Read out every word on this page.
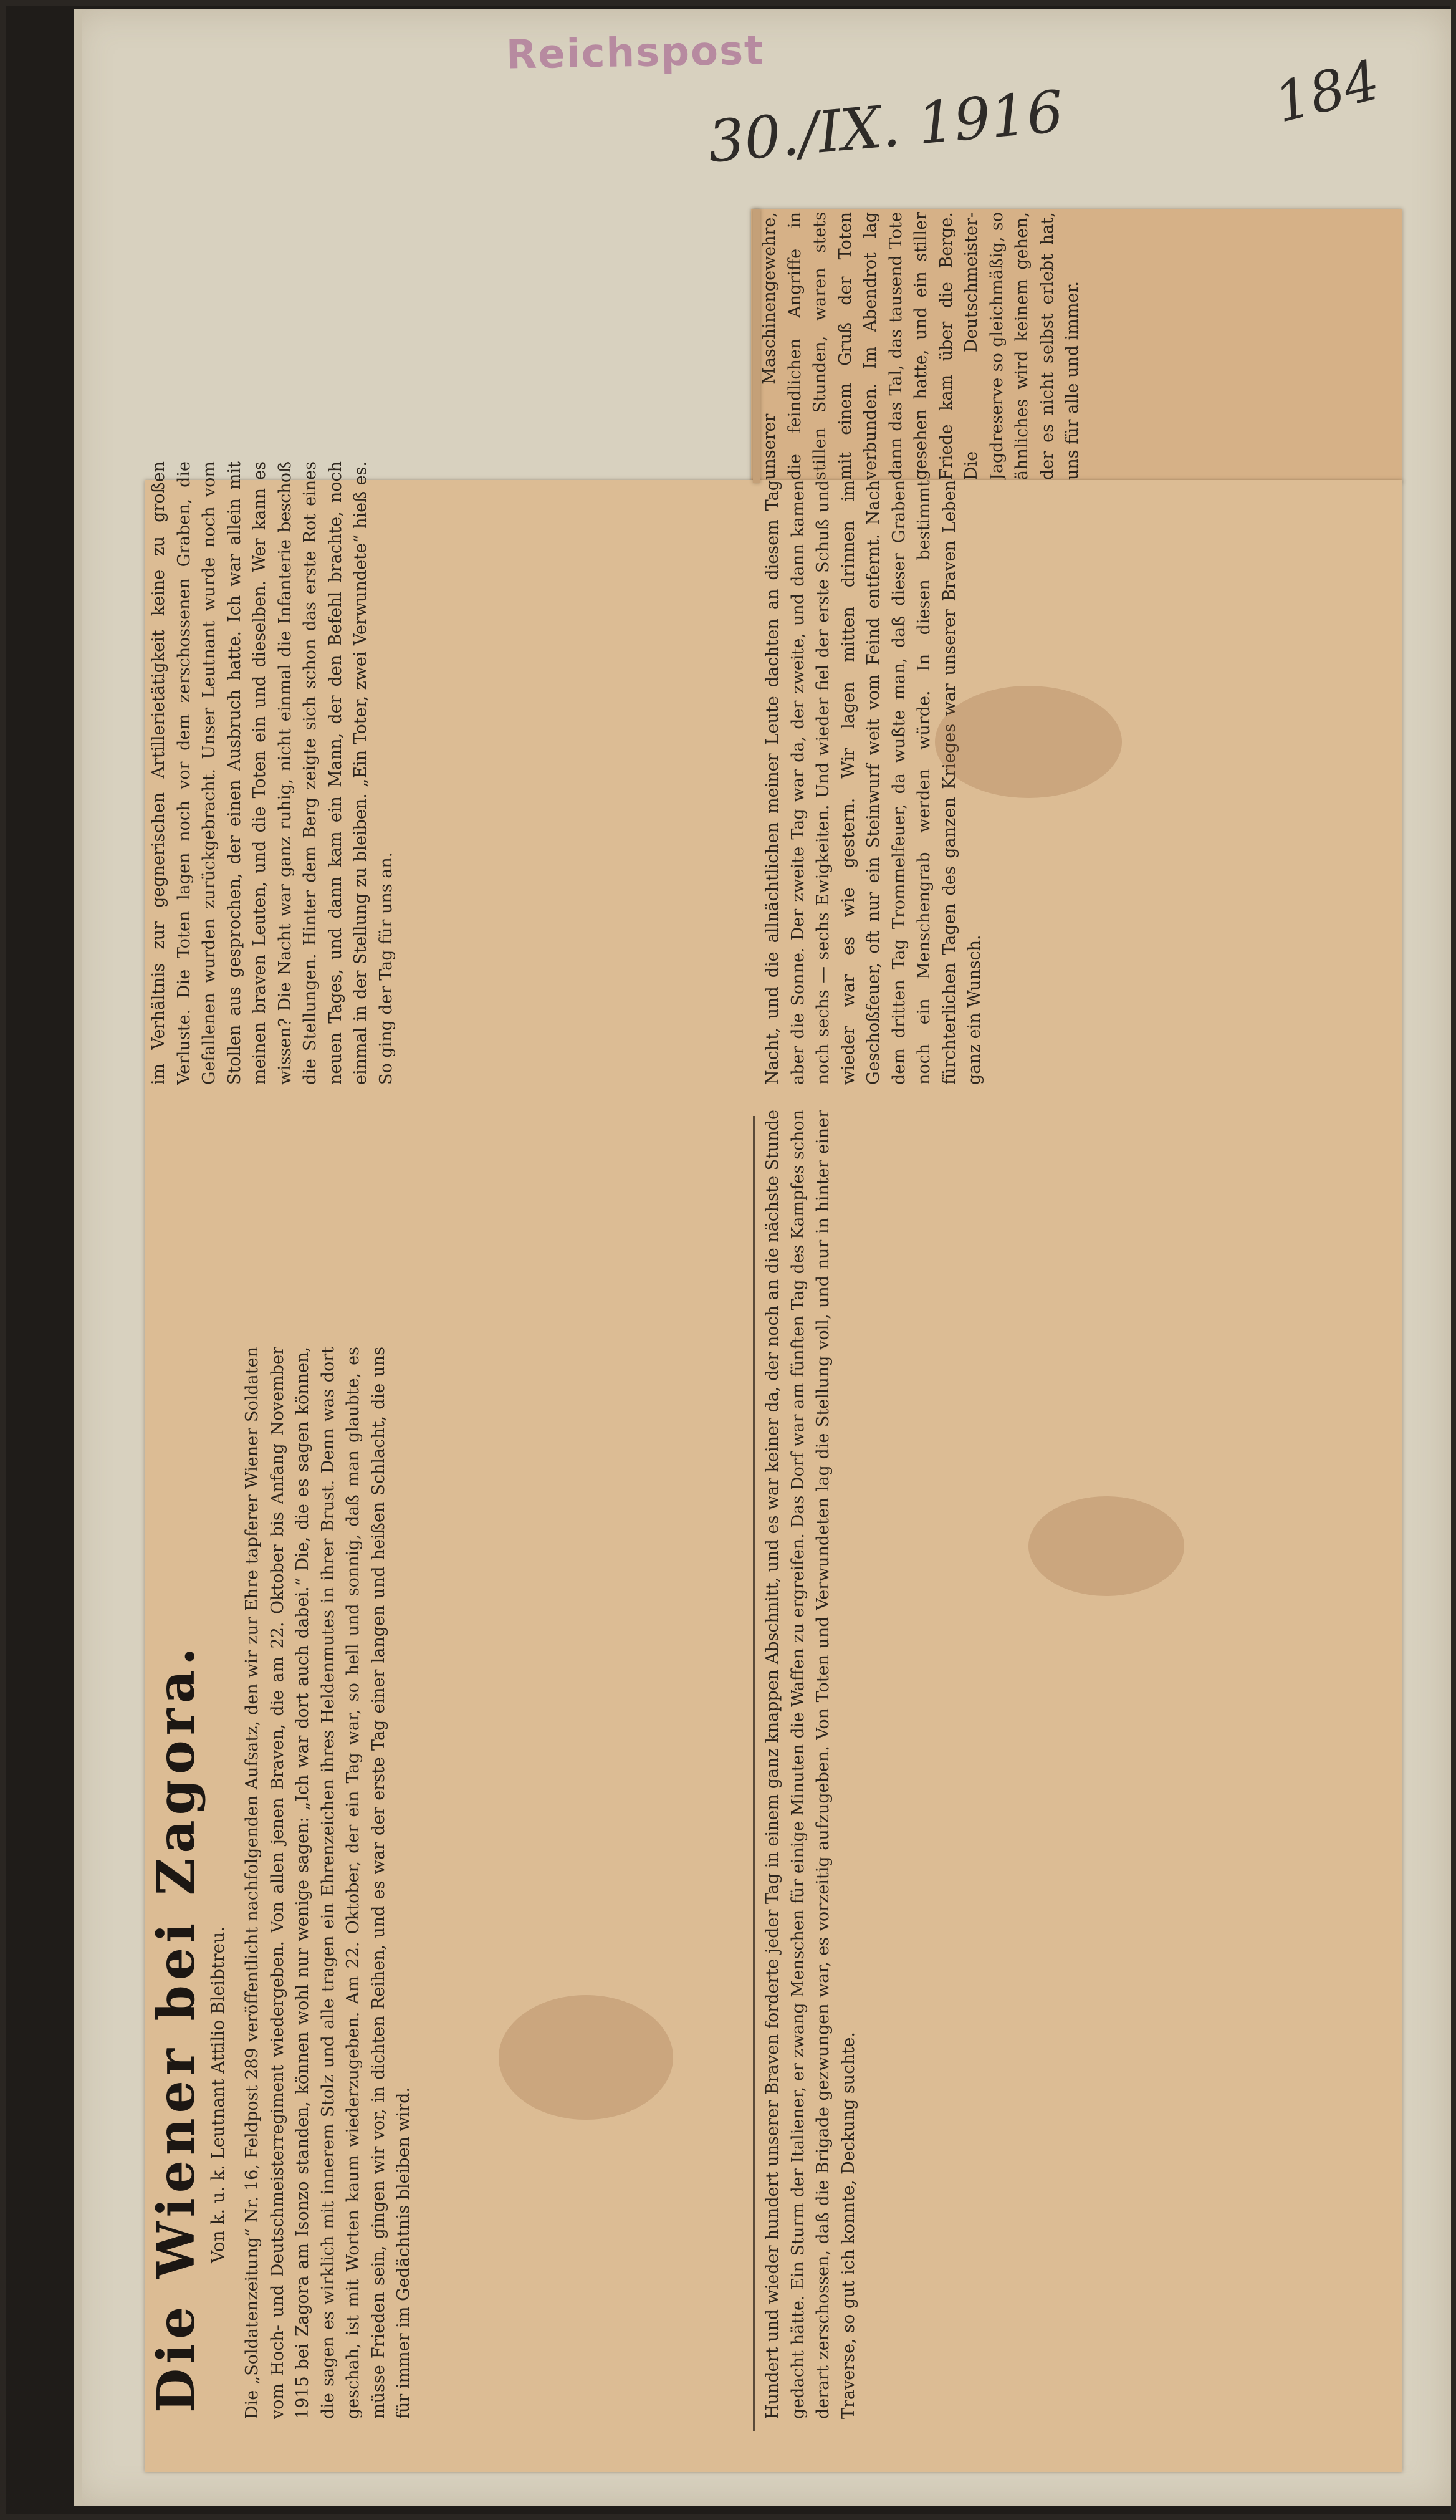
Reichspost
30./IX. 1916	184
Die Wiener bei Zagora. Von k. u. k. Leutnant Attilio Bleibtreu. Die „Soldatenzeitung“ Nr. 16, Feldpost 289 veröffentlicht nachfolgenden Aufsatz, den wir zur Ehre tapferer Wiener Soldaten vom Hoch- und Deutschmeisterregiment wiedergeben. Von allen jenen Braven, die am 22. Oktober bis Anfang November 1915 bei Zagora am Isonzo standen, können wohl nur wenige sagen: „Ich war dort auch dabei.“ Die, die es sagen können, die sagen es wirklich mit innerem Stolz und alle tragen ein Ehrenzeichen ihres Heldenmutes in ihrer Brust. Denn was dort geschah, ist mit Worten kaum wiederzugeben. Am 22. Oktober, der ein Tag war, so hell und sonnig, daß man glaubte, es müsse Frieden sein, gingen wir vor, in dichten Reihen, und es war der erste Tag einer langen und heißen Schlacht, die uns für immer im Gedächtnis bleiben wird.
im Verhältnis zur gegnerischen Artillerietätigkeit keine zu großen Verluste. Die Toten lagen noch vor dem zerschossenen Graben, die Gefallenen wurden zurückgebracht. Unser Leutnant wurde noch vom Stollen aus gesprochen, der einen Ausbruch hatte. Ich war allein mit meinen braven Leuten, und die Toten ein und dieselben. Wer kann es wissen? Die Nacht war ganz ruhig, nicht einmal die Infanterie beschoß die Stellungen. Hinter dem Berg zeigte sich schon das erste Rot eines neuen Tages, und dann kam ein Mann, der den Befehl brachte, noch einmal in der Stellung zu bleiben. „Ein Toter, zwei Verwundete“ hieß es. So ging der Tag für uns an.	Nacht, und die allnächtlichen meiner Leute dachten an diesem Tag aber die Sonne. Der zweite Tag war da, der zweite, und dann kamen noch sechs — sechs Ewigkeiten. Und wieder fiel der erste Schuß und wieder war es wie gestern. Wir lagen mitten drinnen im Geschoßfeuer, oft nur ein Steinwurf weit vom Feind entfernt. Nach dem dritten Tag Trommelfeuer, da wußte man, daß dieser Graben noch ein Menschengrab werden würde. In diesen bestimmt fürchterlichen Tagen des ganzen Krieges war unserer Braven Leben ganz ein Wunsch.
Hundert und wieder hundert unserer Braven forderte jeder Tag in einem ganz knappen Abschnitt, und es war keiner da, der noch an die nächste Stunde gedacht hätte. Ein Sturm der Italiener, er zwang Menschen für einige Minuten die Waffen zu ergreifen. Das Dorf war am fünften Tag des Kampfes schon derart zerschossen, daß die Brigade gezwungen war, es vorzeitig aufzugeben. Von Toten und Verwundeten lag die Stellung voll, und nur in hinter einer Traverse, so gut ich konnte, Deckung suchte.
unserer Maschinengewehre, die feindlichen Angriffe in stillen Stunden, waren stets mit einem Gruß der Toten verbunden. Im Abendrot lag dann das Tal, das tausend Tote gesehen hatte, und ein stiller Friede kam über die Berge. Die Deutschmeister-Jagdreserve so gleichmäßig, so ähnliches wird keinem gehen, der es nicht selbst erlebt hat, uns für alle und immer.
